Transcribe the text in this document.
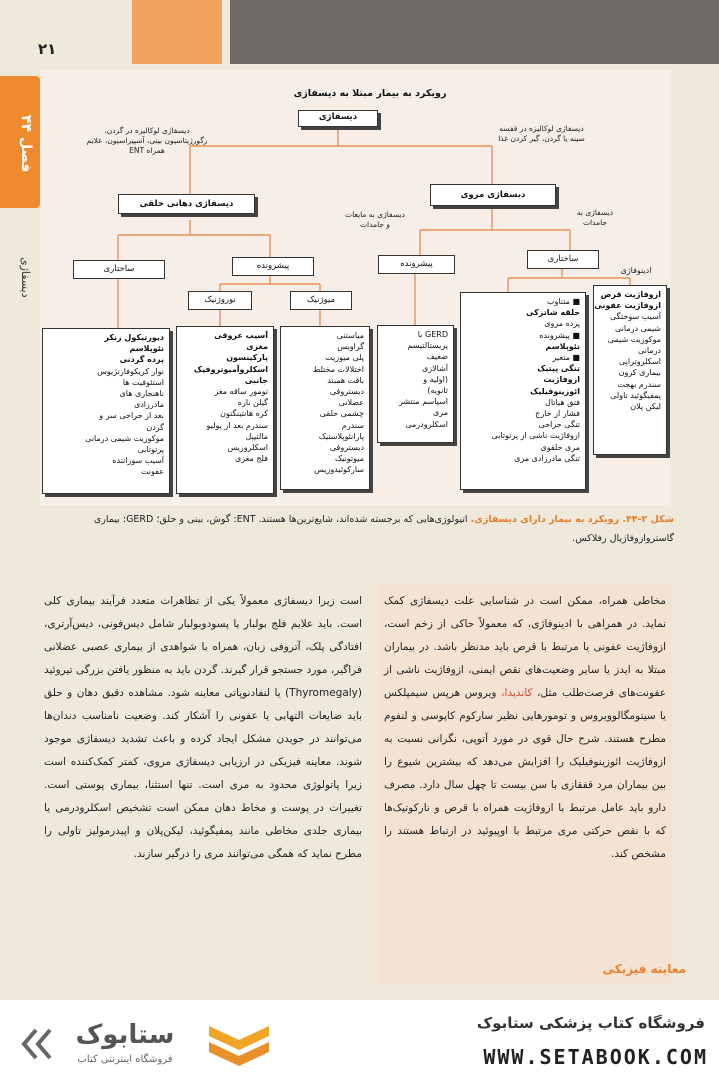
۲۱
فصل ۴۴
دیسفاژی
رویکرد به بیمار مبتلا به دیسفاژی
دیسفاژی
دیسفاژی لوکالیزه در قفسه سینه یا گردن، گیر کردن غذا
دیسفاژی لوکالیزه در گردن، رگورژیتاسیون بینی، آسپیراسیون، علایم همراه ENT
دیسفاژی دهانی حلقی
دیسفاژی مروی
دیسفاژی به مایعات و جامدات
دیسفاژی به جامدات
پیشرونده	ساختاری
ساختاری	پیشرونده
نوروژنیک	میوژنیک
ادینوفاژی
ازوفاژیت قرص
ازوفاژیت عفونی
آسیب سوختگی
شیمی درمانی
موکوزیت شیمی
درمانی
اسکلروتراپی
بیماری کرون
سندرم بهجت
پمفیگوئید تاولی
لیکن پلان
■ متناوب
حلقه شاتزکی
پرده مروی
■ پیشرونده
نئوپلاسم
■ متغیر
تنگی پپتیک
ازوفاژیت
ائوزینوفیلیک
فتق هیاتال
فشار از خارج
تنگی جراحی
ازوفاژیت ناشی از پرتوتابی
مری حلقوی
تنگی مادرزادی مری
GERD با
پریستالتیسم
ضعیف
آشالازی
(اولیه و
ثانویه)
اسپاسم منتشر
مری
اسکلرودرمی
میاستنی
گراویس
پلی میوزیت
اختلالات مختلط
بافت همبند
دیستروفی
عضلانی
چشمی حلقی
سندرم
پارانئوپلاستیک
دیستروفی
میوتونیک
سارکوئیدوزیس
آسیب عروقی
مغزی
پارکینسون
اسکلروآمیوتروفیک
جانبی
تومور ساقه مغز
گیلن باره
کره هانتینگتون
سندرم بعد از پولیو
مالتیپل
اسکلروزیس
فلج مغزی
دیورتیکول زنکر
نئوپلاسم
پرده گردنی
نوار کریکوفارنژیوس
استئوفیت ها
ناهنجاری های
مادرزادی
بعد از جراحی سر و
گردن
موکوزیت شیمی درمانی
پرتوتابی
آسیب سوزاننده
عفونت
شکل ۲-۴۴. رویکرد به بیمار دارای دیسفاژی. اتیولوژی‌هایی که برجسته شده‌اند، شایع‌ترین‌ها هستند. ENT: گوش، بینی و حلق؛ GERD: بیماری گاستروازوفاژیال رفلاکس.
مخاطی همراه، ممکن است در شناسایی علت دیسفاژی کمک نماید. در همراهی با ادینوفاژی، که معمولاً حاکی از زخم است، ازوفاژیت عفونی یا مرتبط با قرص باید مدنظر باشد. در بیماران مبتلا به ایدز یا سایر وضعیت‌های نقص ایمنی، ازوفاژیت ناشی از عفونت‌های فرصت‌طلب مثل، کاندیدا، ویروس هرپس سیمپلکس یا سیتومگالوویروس و تومورهایی نظیر سارکوم کاپوسی و لنفوم مطرح هستند. شرح حال قوی در مورد آتوپی، نگرانی نسبت به ازوفاژیت ائوزینوفیلیک را افزایش می‌دهد که بیشترین شیوع را بین بیماران مرد قفقازی با سن بیست تا چهل سال دارد. مصرف دارو باید عامل مرتبط با ازوفاژیت همراه با قرص و نارکوتیک‌ها که با نقص حرکتی مری مرتبط با اوپیوئید در ارتباط هستند را مشخص کند.
است زیرا دیسفاژی معمولاً یکی از تظاهرات متعدد فرآیند بیماری کلی است. باید علایم فلج بولبار یا پسودوبولبار شامل دیس‌فونی، دیس‌آرتری، افتادگی پلک، آتروفی زبان، همراه با شواهدی از بیماری عصبی عضلانی فراگیر، مورد جستجو قرار گیرند. گردن باید به منظور یافتن بزرگی تیروئید (Thyromegaly) یا لنفادنوپاتی معاینه شود. مشاهده دقیق دهان و حلق باید ضایعات التهابی یا عفونی را آشکار کند. وضعیت نامناسب دندان‌ها می‌توانند در جویدن مشکل ایجاد کرده و باعث تشدید دیسفاژی موجود شوند. معاینه فیزیکی در ارزیابی دیسفاژی مروی، کمتر کمک‌کننده است زیرا پاتولوژی محدود به مری است. تنها استثنا، بیماری پوستی است. تغییرات در پوست و مخاط دهان ممکن است تشخیص اسکلرودرمی یا بیماری جلدی مخاطی مانند پمفیگوئید، لیکن‌پلان و اپیدرمولیز تاولی را مطرح نماید که همگی می‌توانند مری را درگیر سازند.
معاینه فیزیکی
فروشگاه کتاب پزشکی ستابوک
WWW.SETABOOK.COM
ستابوک
فروشگاه اینترنتی کتاب
